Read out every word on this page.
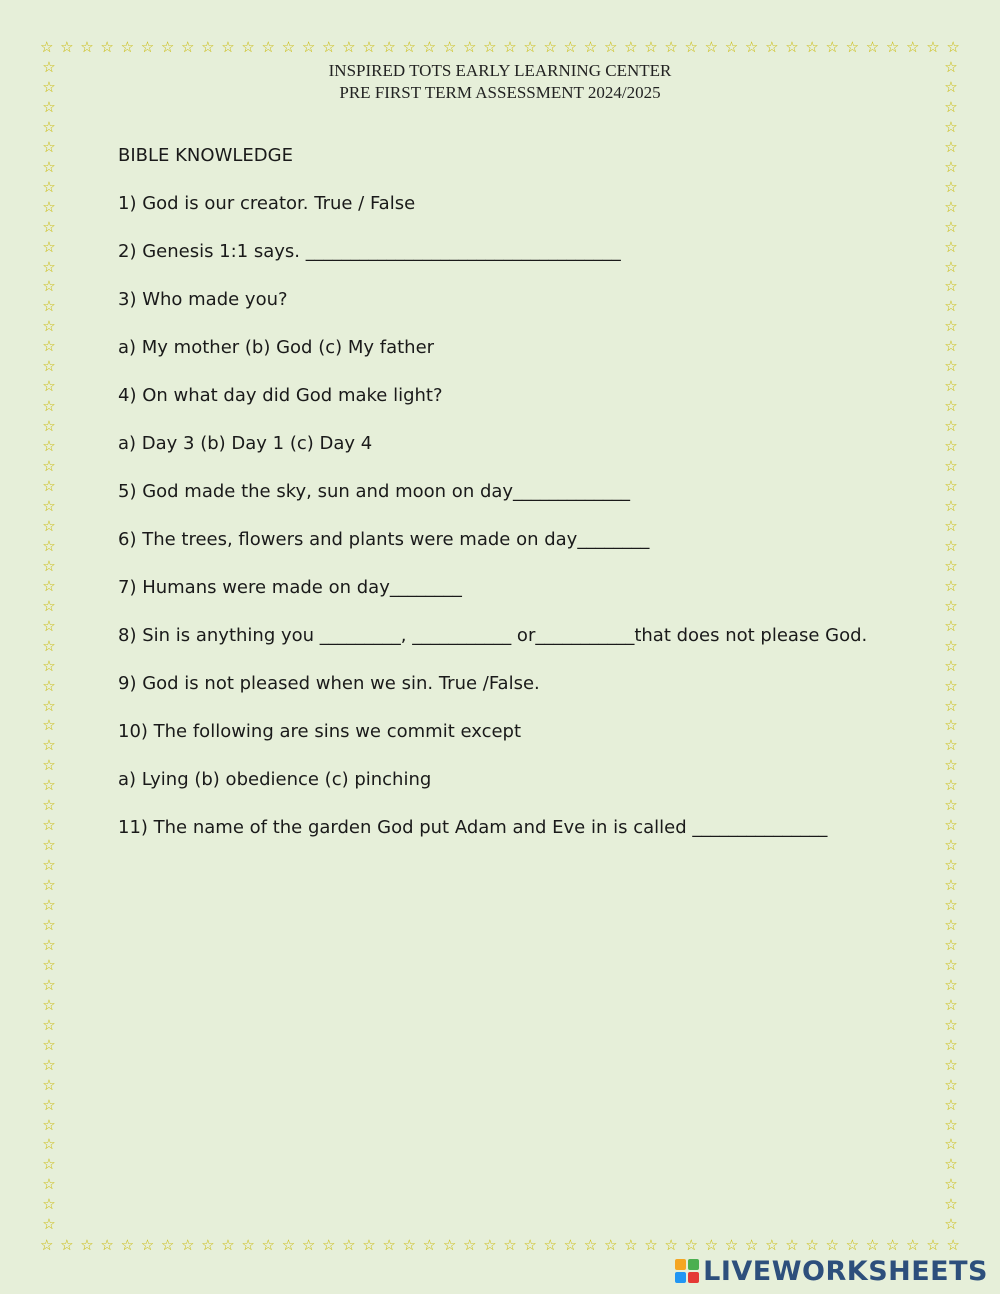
☆ ☆ ☆ ☆ ☆ ☆ ☆ ☆ ☆ ☆ ☆ ☆ ☆ ☆ ☆ ☆ ☆ ☆ ☆ ☆ ☆ ☆ ☆ ☆ ☆ ☆ ☆ ☆ ☆ ☆ ☆ ☆ ☆ ☆ ☆ ☆ ☆ ☆ ☆ ☆ ☆ ☆ ☆ ☆ ☆ ☆
☆ ☆ ☆ ☆ ☆ ☆ ☆ ☆ ☆ ☆ ☆ ☆ ☆ ☆ ☆ ☆ ☆ ☆ ☆ ☆ ☆ ☆ ☆ ☆ ☆ ☆ ☆ ☆ ☆ ☆ ☆ ☆ ☆ ☆ ☆ ☆ ☆ ☆ ☆ ☆ ☆ ☆ ☆ ☆ ☆ ☆
☆
☆
☆
☆
☆
☆
☆
☆
☆
☆
☆
☆
☆
☆
☆
☆
☆
☆
☆
☆
☆
☆
☆
☆
☆
☆
☆
☆
☆
☆
☆
☆
☆
☆
☆
☆
☆
☆
☆
☆
☆
☆
☆
☆
☆
☆
☆
☆
☆
☆
☆
☆
☆
☆
☆
☆
☆
☆
☆
☆
☆
☆
☆
☆
☆
☆
☆
☆
☆
☆
☆
☆
☆
☆
☆
☆
☆
☆
☆
☆
☆
☆
☆
☆
☆
☆
☆
☆
☆
☆
☆
☆
☆
☆
☆
☆
☆
☆
☆
☆
☆
☆
☆
☆
☆
☆
☆
☆
☆
☆
☆
☆
☆
☆
☆
☆
☆
☆
INSPIRED TOTS EARLY LEARNING CENTER
PRE FIRST TERM ASSESSMENT 2024/2025

BIBLE KNOWLEDGE

1) God is our creator. True / False

2) Genesis 1:1 says. ___________________________________

3) Who made you?

a) My mother (b) God (c) My father

4) On what day did God make light?

a) Day 3 (b) Day 1 (c) Day 4

5) God made the sky, sun and moon on day_____________

6) The trees, flowers and plants were made on day________

7) Humans were made on day________

8) Sin is anything you _________, ___________ or___________that does not please God.

9) God is not pleased when we sin. True /False.

10) The following are sins we commit except

a) Lying (b) obedience (c) pinching

11) The name of the garden God put Adam and Eve in is called _______________

LIVEWORKSHEETS
